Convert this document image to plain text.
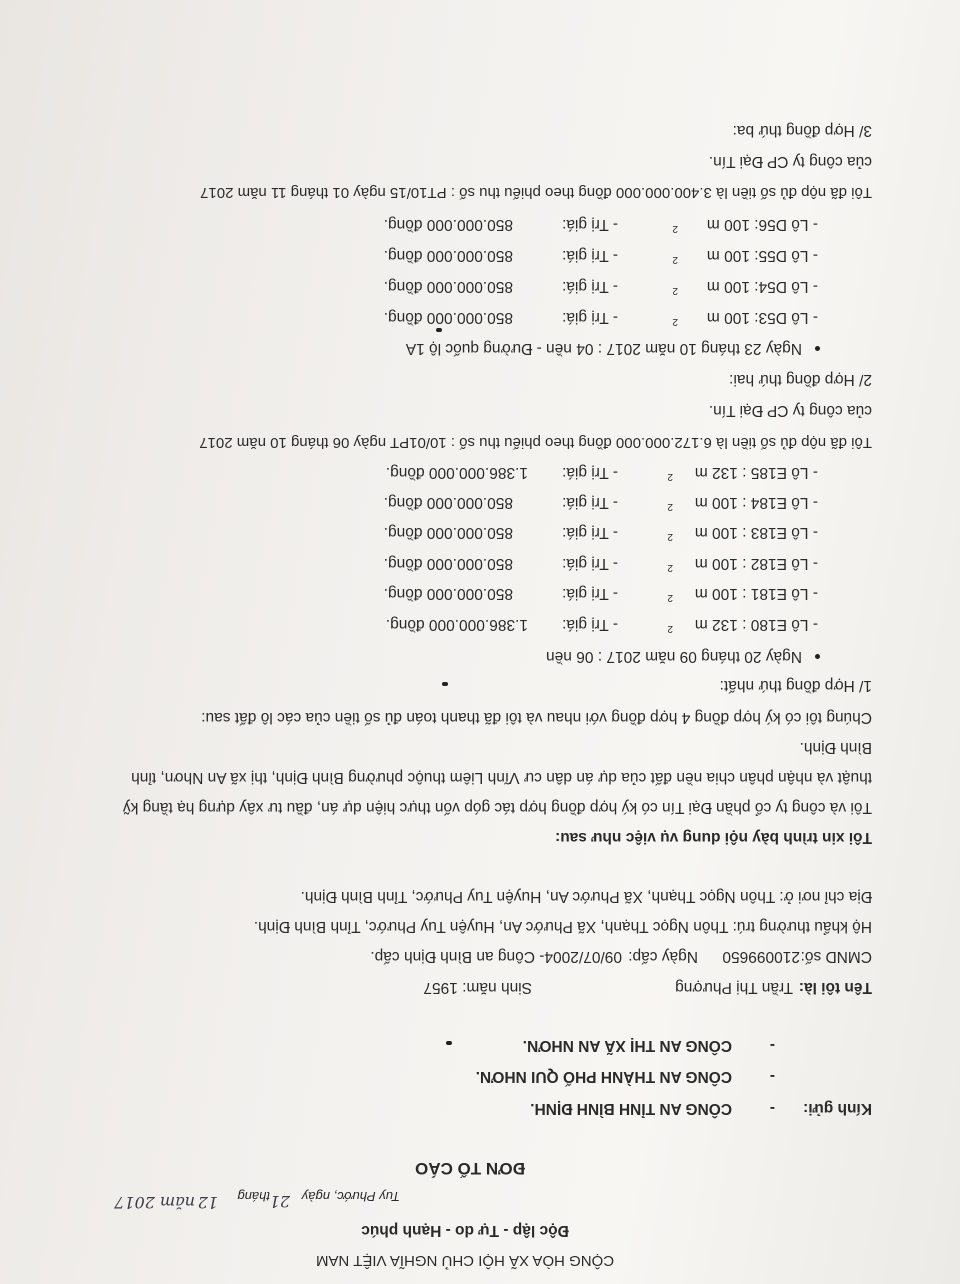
CỘNG HÒA XÃ HỘI CHỦ NGHĨA VIỆT NAM
Độc lập - Tự do - Hạnh phúc
Tuy Phước, ngày
21
tháng
12
năm 2017
ĐƠN TỐ CÁO
Kính gửi:
-
CÔNG AN TỈNH BÌNH ĐỊNH.
-
CÔNG AN THÀNH PHỐ QUI NHƠN.
-
CÔNG AN THỊ XÃ AN NHƠN.
Tên tôi là:
Trần Thị Phượng
Sinh năm: 1957
CMND số:
210099650
Ngày cấp:
09/07/2004- Công an Bình Định cấp.
Hộ khẩu thường trú: Thôn Ngọc Thạnh, Xã Phước An, Huyện Tuy Phước, Tỉnh Bình Định.
Địa chỉ nơi ở: Thôn Ngọc Thạnh, Xã Phước An, Huyện Tuy Phước, Tỉnh Bình Định.
Tôi xin trình bày nội dung vụ việc như sau:
Tôi và công ty cổ phần Đại Tín có ký hợp đồng hợp tác góp vốn thực hiện dự án, đầu tư xây dựng hạ tầng kỹ
thuật và nhận phân chia nền đất của dự án dân cư Vĩnh Liêm thuộc phường Bình Định, thị xã An Nhơn, tỉnh
Bình Định.
Chúng tôi có ký hợp đồng 4 hợp đồng với nhau và tôi đã thanh toán đủ số tiền của các lô đất sau:
1/ Hợp đồng thứ nhất:
Ngày 20 tháng 09 năm 2017 : 06 nền
- Lô E180 : 132 m
$^2$
- Trị giá:
1.386.000.000 đồng.
- Lô E181 : 100 m
$^2$
- Trị giá:
850.000.000 đồng.
- Lô E182 : 100 m
$^2$
- Trị giá:
850.000.000 đồng.
- Lô E183 : 100 m
$^2$
- Trị giá:
850.000.000 đồng.
- Lô E184 : 100 m
$^2$
- Trị giá:
850.000.000 đồng.
- Lô E185 : 132 m
$^2$
- Trị giá:
1.386.000.000 đồng.
Tôi đã nộp đủ số tiền là 6.172.000.000 đồng theo phiếu thu số : 10/01PT ngày 06 tháng 10 năm 2017
của công ty CP Đại Tín.
2/ Hợp đồng thứ hai:
Ngày 23 tháng 10 năm 2017 : 04 nền - Đường quốc lộ 1A
- Lô D53: 100 m
$^2$
- Trị giá:
850.000.000 đồng.
- Lô D54: 100 m
$^2$
- Trị giá:
850.000.000 đồng.
- Lô D55: 100 m
$^2$
- Trị giá:
850.000.000 đồng.
- Lô D56: 100 m
$^2$
- Trị giá:
850.000.000 đồng.
Tôi đã nộp đủ số tiền là 3.400.000.000 đồng theo phiếu thu số : PT10/15 ngày 01 tháng 11 năm 2017
của công ty CP Đại Tín.
3/ Hợp đồng thứ ba:
